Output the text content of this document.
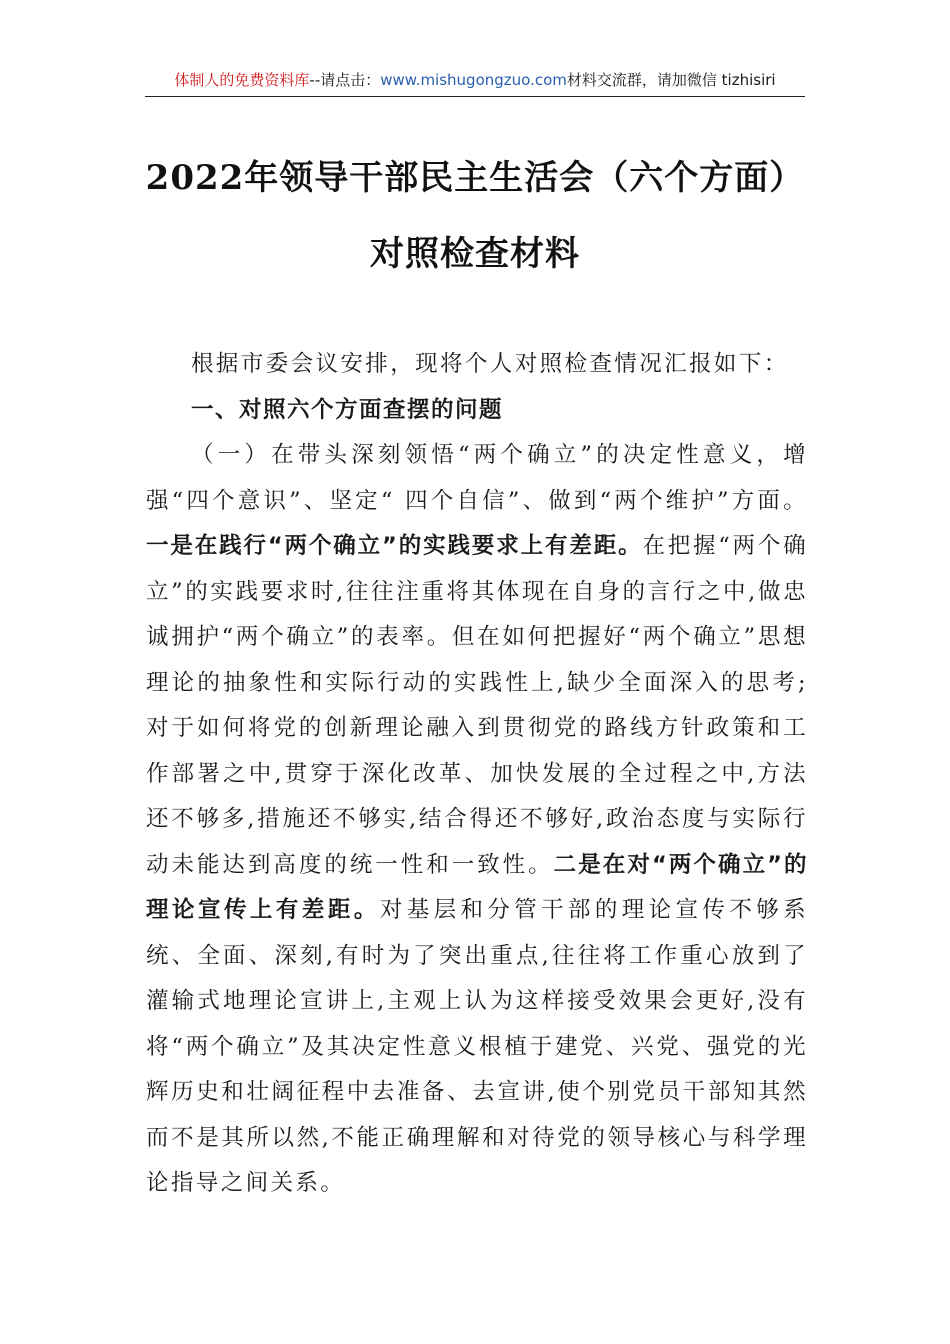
体制人的免费资料库--请点击：www.mishugongzuo.com材料交流群，请加微信 tizhisiri
2022年领导干部民主生活会（六个方面）
对照检查材料

根据市委会议安排，现将个人对照检查情况汇报如下：

一、对照六个方面查摆的问题

（一）在带头深刻领悟“两个确立”的决定性意义，增强“四个意识”、坚定“ 四个自信”、做到“两个维护”方面。一是在践行“两个确立”的实践要求上有差距。在把握“两个确立”的实践要求时,往往注重将其体现在自身的言行之中,做忠诚拥护“两个确立”的表率。但在如何把握好“两个确立”思想理论的抽象性和实际行动的实践性上,缺少全面深入的思考;对于如何将党的创新理论融入到贯彻党的路线方针政策和工作部署之中,贯穿于深化改革、加快发展的全过程之中,方法还不够多,措施还不够实,结合得还不够好,政治态度与实际行动未能达到高度的统一性和一致性。二是在对“两个确立”的理论宣传上有差距。对基层和分管干部的理论宣传不够系统、全面、深刻,有时为了突出重点,往往将工作重心放到了灌输式地理论宣讲上,主观上认为这样接受效果会更好,没有将“两个确立”及其决定性意义根植于建党、兴党、强党的光辉历史和壮阔征程中去准备、去宣讲,使个别党员干部知其然而不是其所以然,不能正确理解和对待党的领导核心与科学理论指导之间关系。
